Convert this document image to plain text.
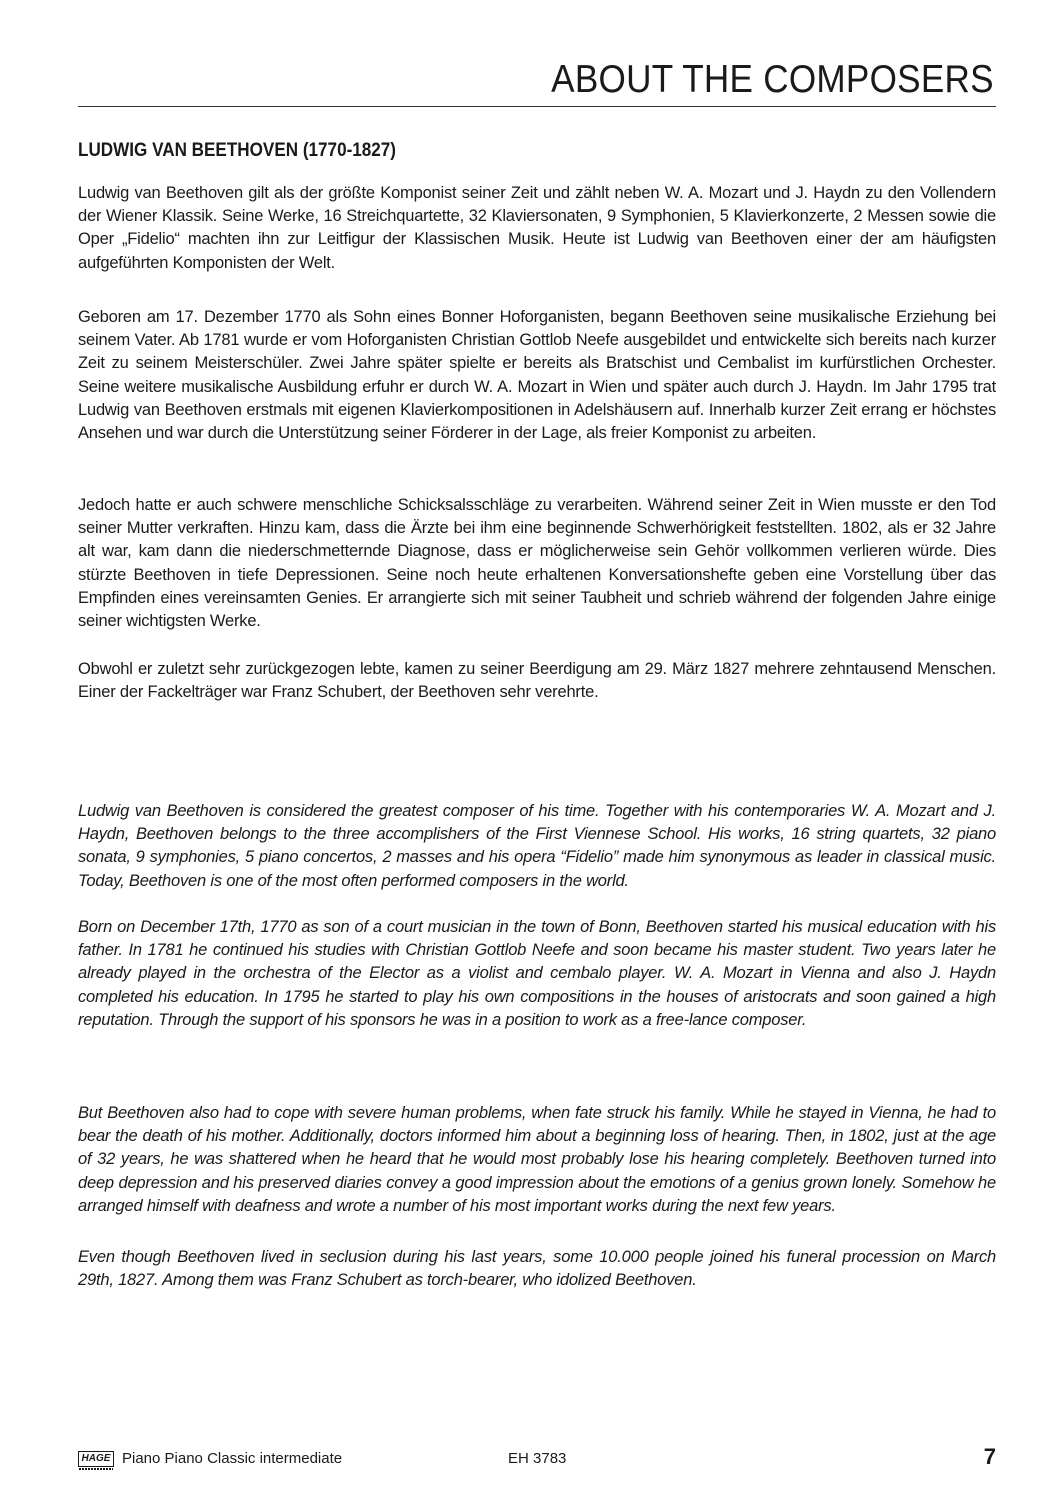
ABOUT THE COMPOSERS
LUDWIG VAN BEETHOVEN (1770-1827)

Ludwig van Beethoven gilt als der größte Komponist seiner Zeit und zählt neben W. A. Mozart und J. Haydn zu den Vollendern der Wiener Klassik. Seine Werke, 16 Streichquartette, 32 Klaviersonaten, 9 Symphonien, 5 Klavierkonzerte, 2 Messen sowie die Oper „Fidelio“ machten ihn zur Leitfigur der Klassischen Musik. Heute ist Ludwig van Beethoven einer der am häufigsten aufgeführten Komponisten der Welt.

Geboren am 17. Dezember 1770 als Sohn eines Bonner Hoforganisten, begann Beethoven seine musikalische Erziehung bei seinem Vater. Ab 1781 wurde er vom Hoforganisten Christian Gottlob Neefe ausgebildet und entwickelte sich bereits nach kurzer Zeit zu seinem Meisterschüler. Zwei Jahre später spielte er bereits als Bratschist und Cembalist im kurfürstlichen Orchester. Seine weitere musikalische Ausbildung erfuhr er durch W. A. Mozart in Wien und später auch durch J. Haydn. Im Jahr 1795 trat Ludwig van Beethoven erstmals mit eigenen Klavierkompositionen in Adelshäusern auf. Innerhalb kurzer Zeit errang er höchstes Ansehen und war durch die Unterstützung seiner Förderer in der Lage, als freier Komponist zu arbeiten.

Jedoch hatte er auch schwere menschliche Schicksalsschläge zu verarbeiten. Während seiner Zeit in Wien musste er den Tod seiner Mutter verkraften. Hinzu kam, dass die Ärzte bei ihm eine beginnende Schwerhörigkeit feststellten. 1802, als er 32 Jahre alt war, kam dann die niederschmetternde Diagnose, dass er möglicherweise sein Gehör vollkommen verlieren würde. Dies stürzte Beethoven in tiefe Depressionen. Seine noch heute erhaltenen Konversationshefte geben eine Vorstellung über das Empfinden eines vereinsamten Genies. Er arrangierte sich mit seiner Taubheit und schrieb während der folgenden Jahre einige seiner wichtigsten Werke.

Obwohl er zuletzt sehr zurückgezogen lebte, kamen zu seiner Beerdigung am 29. März 1827 mehrere zehntausend Menschen. Einer der Fackelträger war Franz Schubert, der Beethoven sehr verehrte.

Ludwig van Beethoven is considered the greatest composer of his time. Together with his contemporaries W. A. Mozart and J. Haydn, Beethoven belongs to the three accomplishers of the First Viennese School. His works, 16 string quartets, 32 piano sonata, 9 symphonies, 5 piano concertos, 2 masses and his opera “Fidelio” made him synonymous as leader in classical music. Today, Beethoven is one of the most often performed composers in the world.

Born on December 17th, 1770 as son of a court musician in the town of Bonn, Beethoven started his musical education with his father. In 1781 he continued his studies with Christian Gottlob Neefe and soon became his master student. Two years later he already played in the orchestra of the Elector as a violist and cembalo player. W. A. Mozart in Vienna and also J. Haydn completed his education. In 1795 he started to play his own compositions in the houses of aristocrats and soon gained a high reputation. Through the support of his sponsors he was in a position to work as a free-lance composer.

But Beethoven also had to cope with severe human problems, when fate struck his family. While he stayed in Vienna, he had to bear the death of his mother. Additionally, doctors informed him about a beginning loss of hearing. Then, in 1802, just at the age of 32 years, he was shattered when he heard that he would most probably lose his hearing completely. Beethoven turned into deep depression and his preserved diaries convey a good impression about the emotions of a genius grown lonely. Somehow he arranged himself with deafness and wrote a number of his most important works during the next few years.

Even though Beethoven lived in seclusion during his last years, some 10.000 people joined his funeral procession on March 29th, 1827. Among them was Franz Schubert as torch-bearer, who idolized Beethoven.

HAGE Piano Piano Classic intermediate	EH 3783	7
